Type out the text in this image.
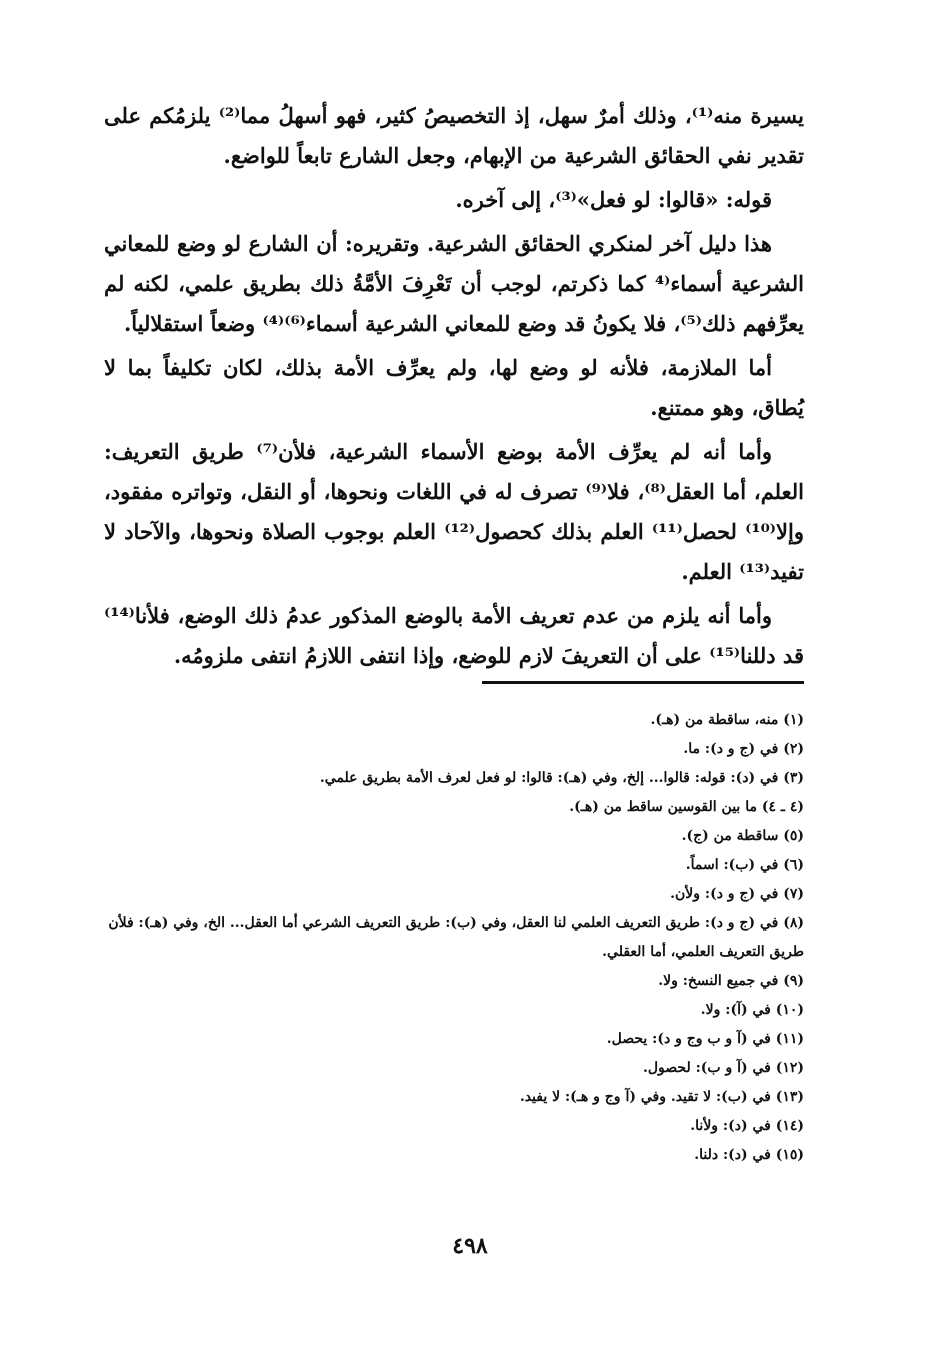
يسيرة منه⁽¹⁾، وذلك أمرٌ سهل، إذ التخصيصُ كثير، فهو أسهلُ مما⁽²⁾ يلزمُكم على تقدير نفي الحقائق الشرعية من الإبهام، وجعل الشارع تابعاً للواضع.

قوله: «قالوا: لو فعل»⁽³⁾، إلى آخره.

هذا دليل آخر لمنكري الحقائق الشرعية. وتقريره: أن الشارع لو وضع للمعاني الشرعية أسماء⁽⁴ كما ذكرتم، لوجب أن تَعْرِفَ الأمَّةُ ذلك بطريق علمي، لكنه لم يعرِّفهم ذلك⁽⁵⁾، فلا يكونُ قد وضع للمعاني الشرعية أسماء⁽⁶⁾⁽⁴⁾ وضعاً استقلالياً.

أما الملازمة، فلأنه لو وضع لها، ولم يعرِّف الأمة بذلك، لكان تكليفاً بما لا يُطاق، وهو ممتنع.

وأما أنه لم يعرِّف الأمة بوضع الأسماء الشرعية، فلأن⁽⁷⁾ طريق التعريف: العلم، أما العقل⁽⁸⁾، فلا⁽⁹⁾ تصرف له في اللغات ونحوها، أو النقل، وتواتره مفقود، وإلا⁽¹⁰⁾ لحصل⁽¹¹⁾ العلم بذلك كحصول⁽¹²⁾ العلم بوجوب الصلاة ونحوها، والآحاد لا تفيد⁽¹³⁾ العلم.

وأما أنه يلزم من عدم تعريف الأمة بالوضع المذكور عدمُ ذلك الوضع، فلأنا⁽¹⁴⁾ قد دللنا⁽¹⁵⁾ على أن التعريفَ لازم للوضع، وإذا انتفى اللازمُ انتفى ملزومُه.

(١) منه، ساقطة من (هـ).
(٢) في (ج و د): ما.
(٣) في (د): قوله: قالوا... إلخ، وفي (هـ): قالوا: لو فعل لعرف الأمة بطريق علمي.
(٤ ـ ٤) ما بين القوسين ساقط من (هـ).
(٥) ساقطة من (ج).
(٦) في (ب): اسماً.
(٧) في (ج و د): ولأن.
(٨) في (ج و د): طريق التعريف العلمي لنا العقل، وفي (ب): طريق التعريف الشرعي أما العقل... الخ، وفي (هـ): فلأن طريق التعريف العلمي، أما العقلي.
(٩) في جميع النسخ: ولا.
(١٠) في (آ): ولا.
(١١) في (آ و ب وج و د): يحصل.
(١٢) في (آ و ب): لحصول.
(١٣) في (ب): لا تقيد. وفي (آ وج و هـ): لا يفيد.
(١٤) في (د): ولأنا.
(١٥) في (د): دلنا.
٤٩٨
